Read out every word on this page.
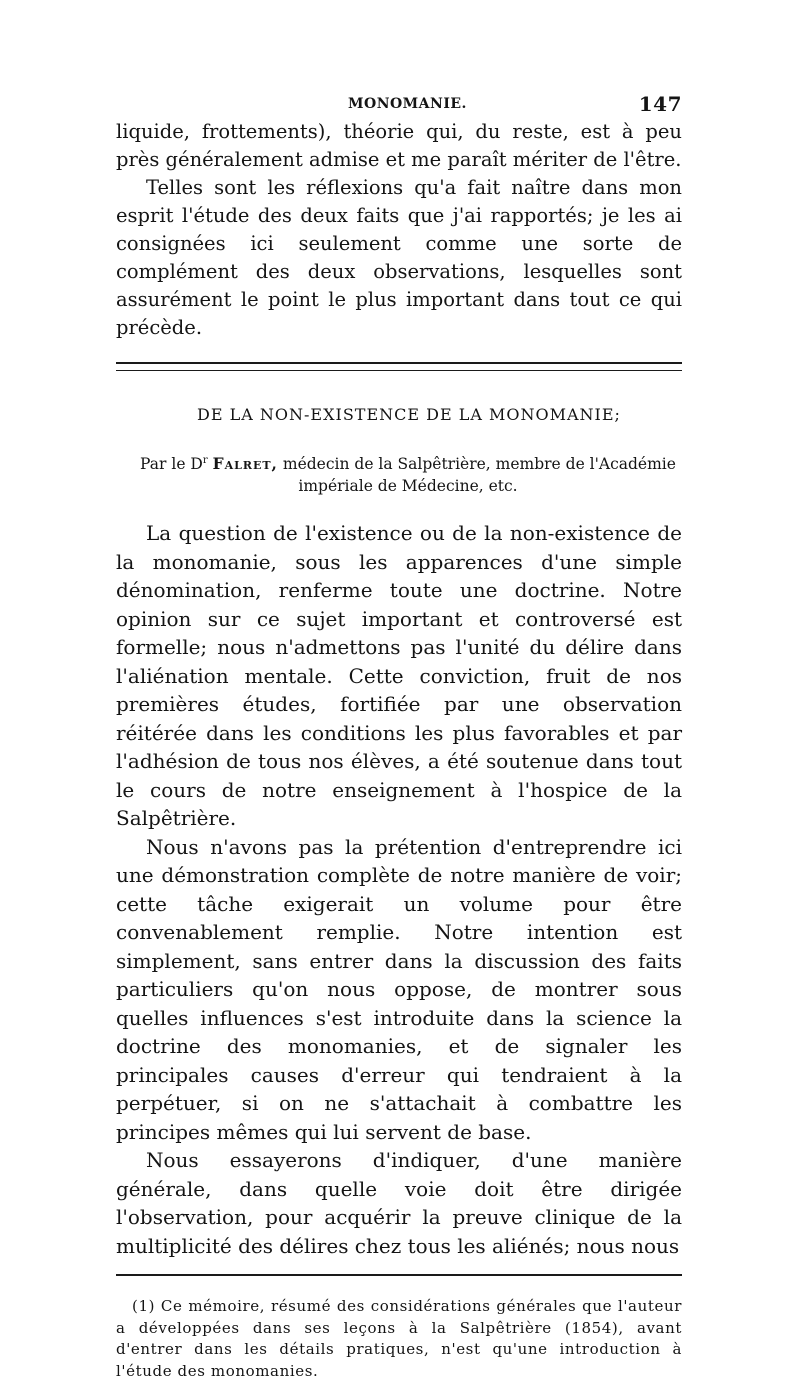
MONOMANIE.	147

liquide, frottements), théorie qui, du reste, est à peu près généralement admise et me paraît mériter de l'être.

Telles sont les réflexions qu'a fait naître dans mon esprit l'étude des deux faits que j'ai rapportés; je les ai consignées ici seulement comme une sorte de complément des deux observations, lesquelles sont assurément le point le plus important dans tout ce qui précède.

DE LA NON-EXISTENCE DE LA MONOMANIE;
Par le $D^r$ Falret, médecin de la Salpêtrière, membre de l'Académie impériale de Médecine, etc.

La question de l'existence ou de la non-existence de la monomanie, sous les apparences d'une simple dénomination, renferme toute une doctrine. Notre opinion sur ce sujet important et controversé est formelle; nous n'admettons pas l'unité du délire dans l'aliénation mentale. Cette conviction, fruit de nos premières études, fortifiée par une observation réitérée dans les conditions les plus favorables et par l'adhésion de tous nos élèves, a été soutenue dans tout le cours de notre enseignement à l'hospice de la Salpêtrière.

Nous n'avons pas la prétention d'entreprendre ici une démonstration complète de notre manière de voir; cette tâche exigerait un volume pour être convenablement remplie. Notre intention est simplement, sans entrer dans la discussion des faits particuliers qu'on nous oppose, de montrer sous quelles influences s'est introduite dans la science la doctrine des monomanies, et de signaler les principales causes d'erreur qui tendraient à la perpétuer, si on ne s'attachait à combattre les principes mêmes qui lui servent de base.

Nous essayerons d'indiquer, d'une manière générale, dans quelle voie doit être dirigée l'observation, pour acquérir la preuve clinique de la multiplicité des délires chez tous les aliénés; nous nous

(1) Ce mémoire, résumé des considérations générales que l'auteur a développées dans ses leçons à la Salpêtrière (1854), avant d'entrer dans les détails pratiques, n'est qu'une introduction à l'étude des monomanies.
